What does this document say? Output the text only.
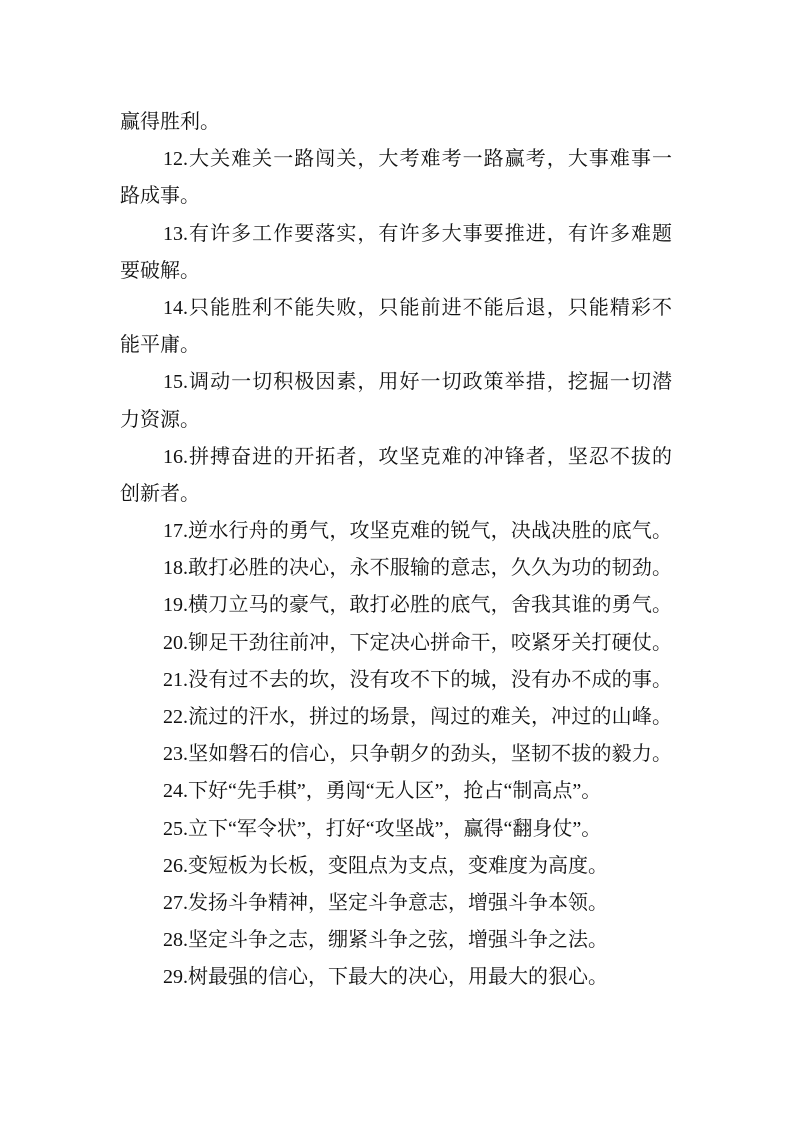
赢得胜利。
12.大关难关一路闯关，大考难考一路赢考，大事难事一
路成事。
13.有许多工作要落实，有许多大事要推进，有许多难题
要破解。
14.只能胜利不能失败，只能前进不能后退，只能精彩不
能平庸。
15.调动一切积极因素，用好一切政策举措，挖掘一切潜
力资源。
16.拼搏奋进的开拓者，攻坚克难的冲锋者，坚忍不拔的
创新者。
17.逆水行舟的勇气，攻坚克难的锐气，决战决胜的底气。
18.敢打必胜的决心，永不服输的意志，久久为功的韧劲。
19.横刀立马的豪气，敢打必胜的底气，舍我其谁的勇气。
20.铆足干劲往前冲，下定决心拼命干，咬紧牙关打硬仗。
21.没有过不去的坎，没有攻不下的城，没有办不成的事。
22.流过的汗水，拼过的场景，闯过的难关，冲过的山峰。
23.坚如磐石的信心，只争朝夕的劲头，坚韧不拔的毅力。
24.下好“先手棋”，勇闯“无人区”，抢占“制高点”。
25.立下“军令状”，打好“攻坚战”，赢得“翻身仗”。
26.变短板为长板，变阻点为支点，变难度为高度。
27.发扬斗争精神，坚定斗争意志，增强斗争本领。
28.坚定斗争之志，绷紧斗争之弦，增强斗争之法。
29.树最强的信心，下最大的决心，用最大的狠心。
